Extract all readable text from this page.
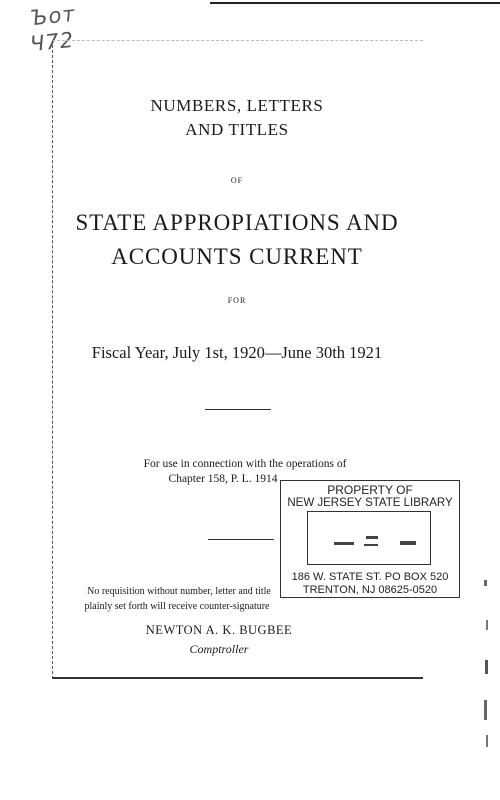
Ъот
Ч72
NUMBERS, LETTERS
AND TITLES
OF
STATE APPROPIATIONS AND
ACCOUNTS CURRENT
FOR
Fiscal Year, July 1st, 1920—June 30th 1921
For use in connection with the operations of
Chapter 158, P. L. 1914
PROPERTY OF
NEW JERSEY STATE LIBRARY
186 W. STATE ST. PO BOX 520
TRENTON, NJ 08625-0520
No requisition without number, letter and title
plainly set forth will receive counter-signature
NEWTON A. K. BUGBEE
Comptroller
